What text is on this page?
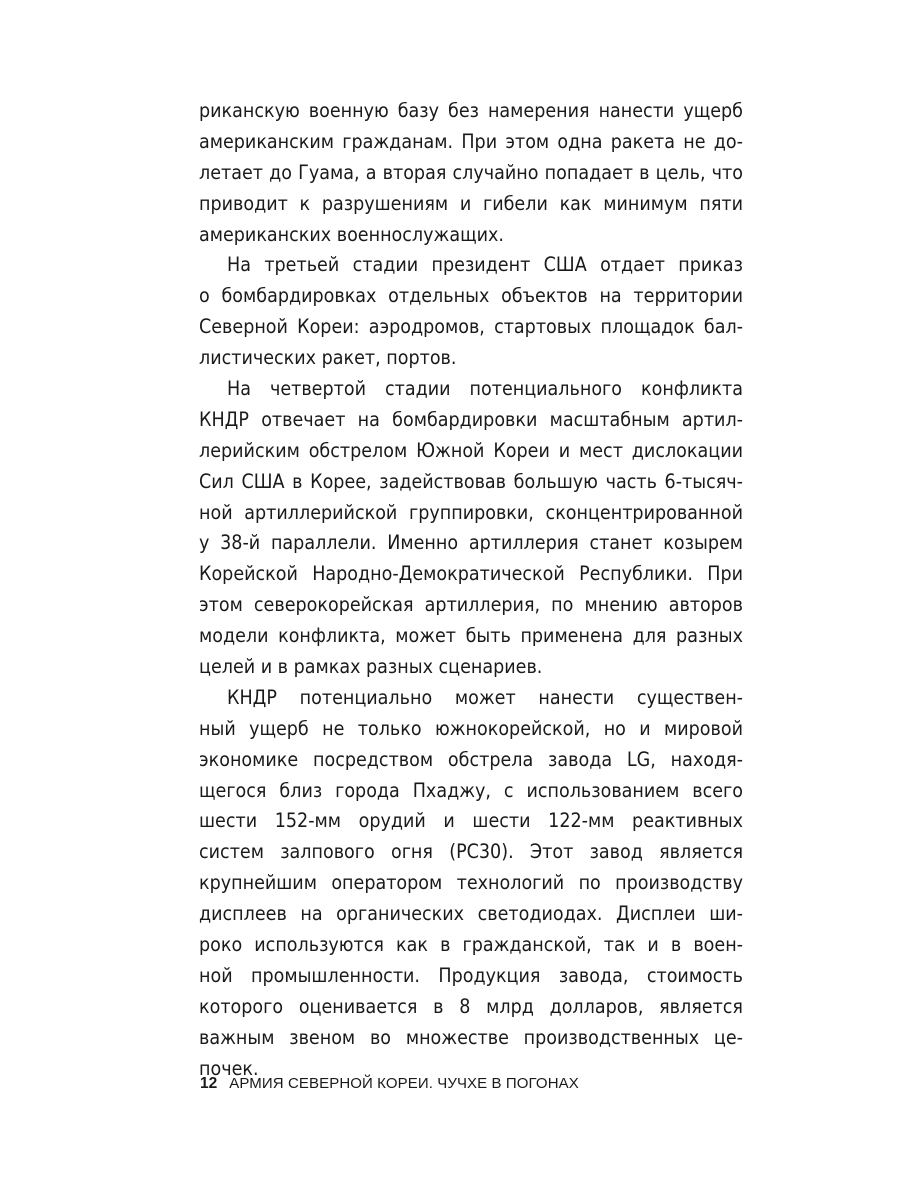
риканскую военную базу без намерения нанести ущерб
американским гражданам. При этом одна ракета не до-
летает до Гуама, а вторая случайно попадает в цель, что
приводит к разрушениям и гибели как минимум пяти
американских военнослужащих.
На третьей стадии президент США отдает приказ
о бомбардировках отдельных объектов на территории
Северной Кореи: аэродромов, стартовых площадок бал-
листических ракет, портов.
На четвертой стадии потенциального конфликта
КНДР отвечает на бомбардировки масштабным артил-
лерийским обстрелом Южной Кореи и мест дислокации
Сил США в Корее, задействовав большую часть 6-тысяч-
ной артиллерийской группировки, сконцентрированной
у 38-й параллели. Именно артиллерия станет козырем
Корейской Народно-Демократической Республики. При
этом северокорейская артиллерия, по мнению авторов
модели конфликта, может быть применена для разных
целей и в рамках разных сценариев.
КНДР потенциально может нанести существен-
ный ущерб не только южнокорейской, но и мировой
экономике посредством обстрела завода LG, находя-
щегося близ города Пхаджу, с использованием всего
шести 152-мм орудий и шести 122-мм реактивных
систем залпового огня (РС30). Этот завод является
крупнейшим оператором технологий по производству
дисплеев на органических светодиодах. Дисплеи ши-
роко используются как в гражданской, так и в воен-
ной промышленности. Продукция завода, стоимость
которого оценивается в 8 млрд долларов, является
важным звеном во множестве производственных це-
почек.
12 АРМИЯ СЕВЕРНОЙ КОРЕИ. ЧУЧХЕ В ПОГОНАХ
